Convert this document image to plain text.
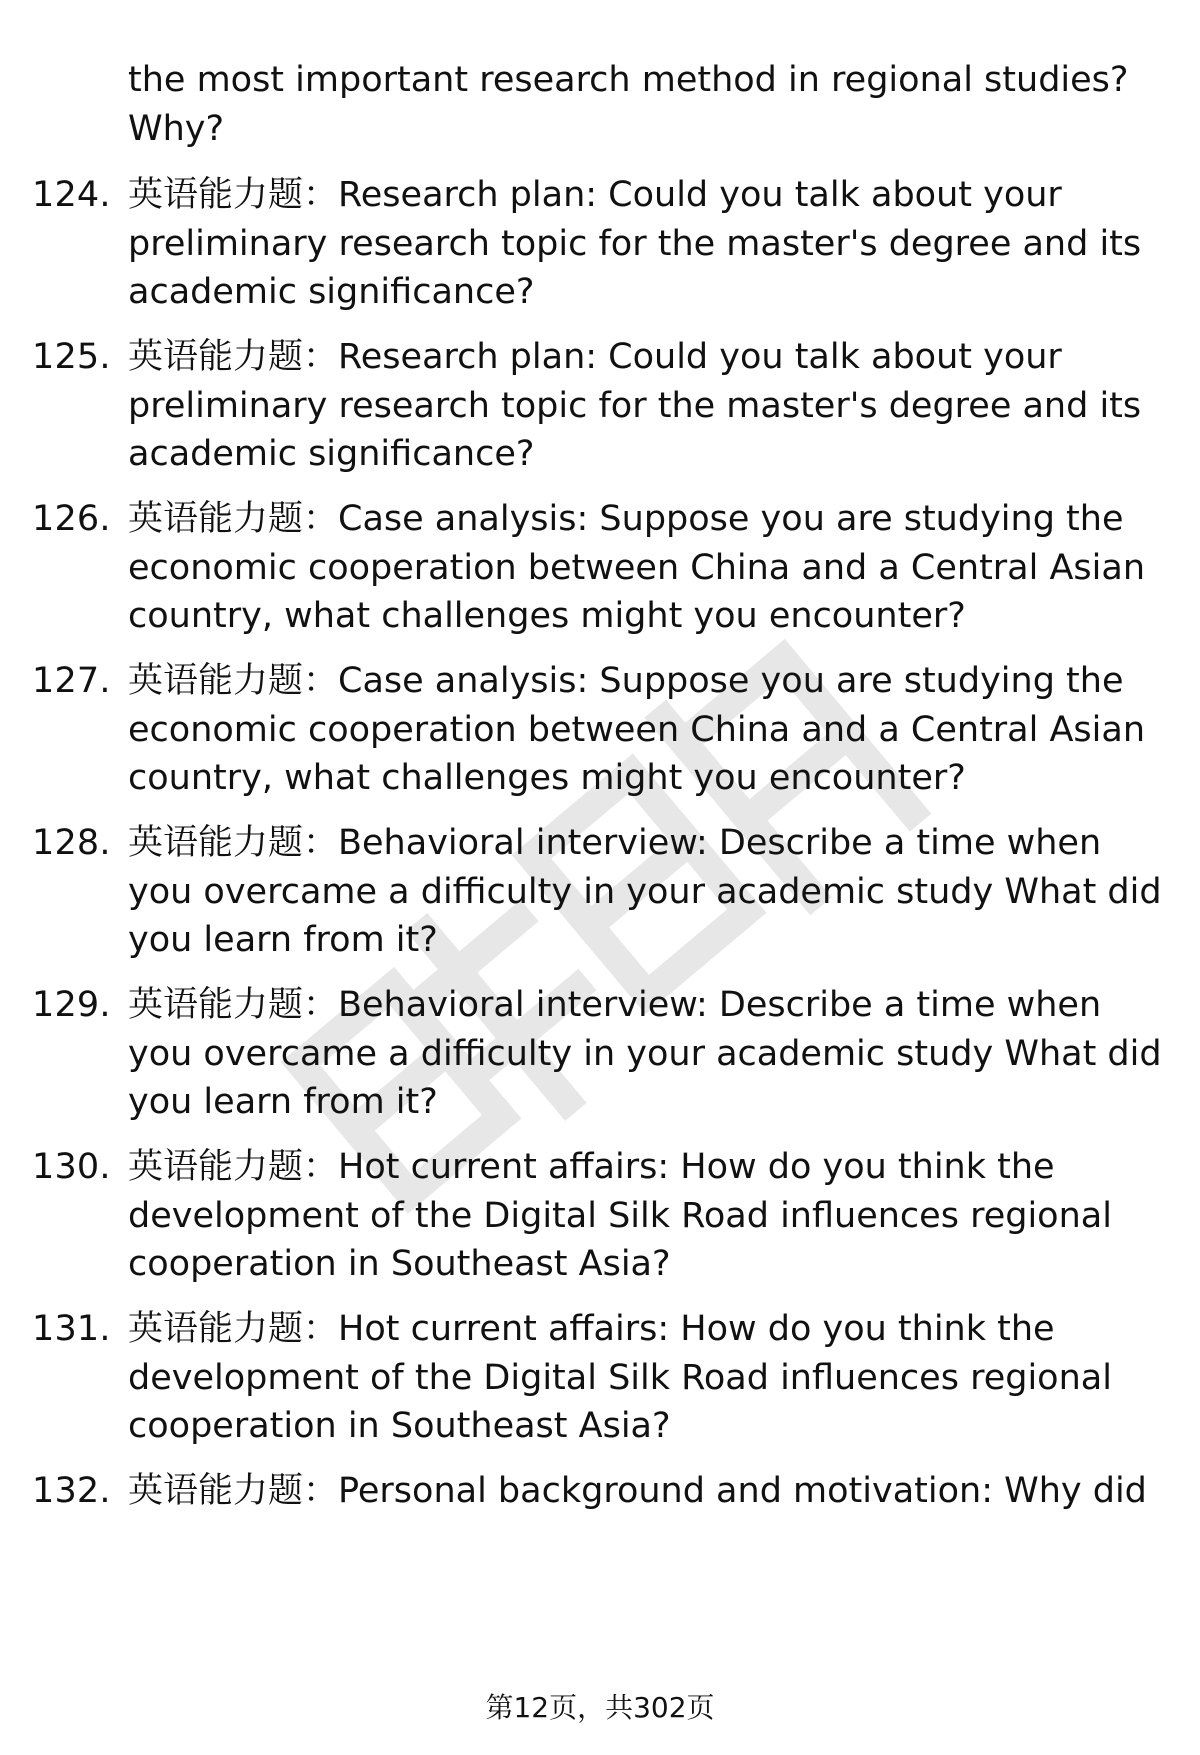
the most important research method in regional studies? Why?
124. 英语能力题：Research plan: Could you talk about your preliminary research topic for the master's degree and its academic significance?
125. 英语能力题：Research plan: Could you talk about your preliminary research topic for the master's degree and its academic significance?
126. 英语能力题：Case analysis: Suppose you are studying the economic cooperation between China and a Central Asian country, what challenges might you encounter?
127. 英语能力题：Case analysis: Suppose you are studying the economic cooperation between China and a Central Asian country, what challenges might you encounter?
128. 英语能力题：Behavioral interview: Describe a time when you overcame a difficulty in your academic study What did you learn from it?
129. 英语能力题：Behavioral interview: Describe a time when you overcame a difficulty in your academic study What did you learn from it?
130. 英语能力题：Hot current affairs: How do you think the development of the Digital Silk Road influences regional cooperation in Southeast Asia?
131. 英语能力题：Hot current affairs: How do you think the development of the Digital Silk Road influences regional cooperation in Southeast Asia?
132. 英语能力题：Personal background and motivation: Why did
第12页，共302页
